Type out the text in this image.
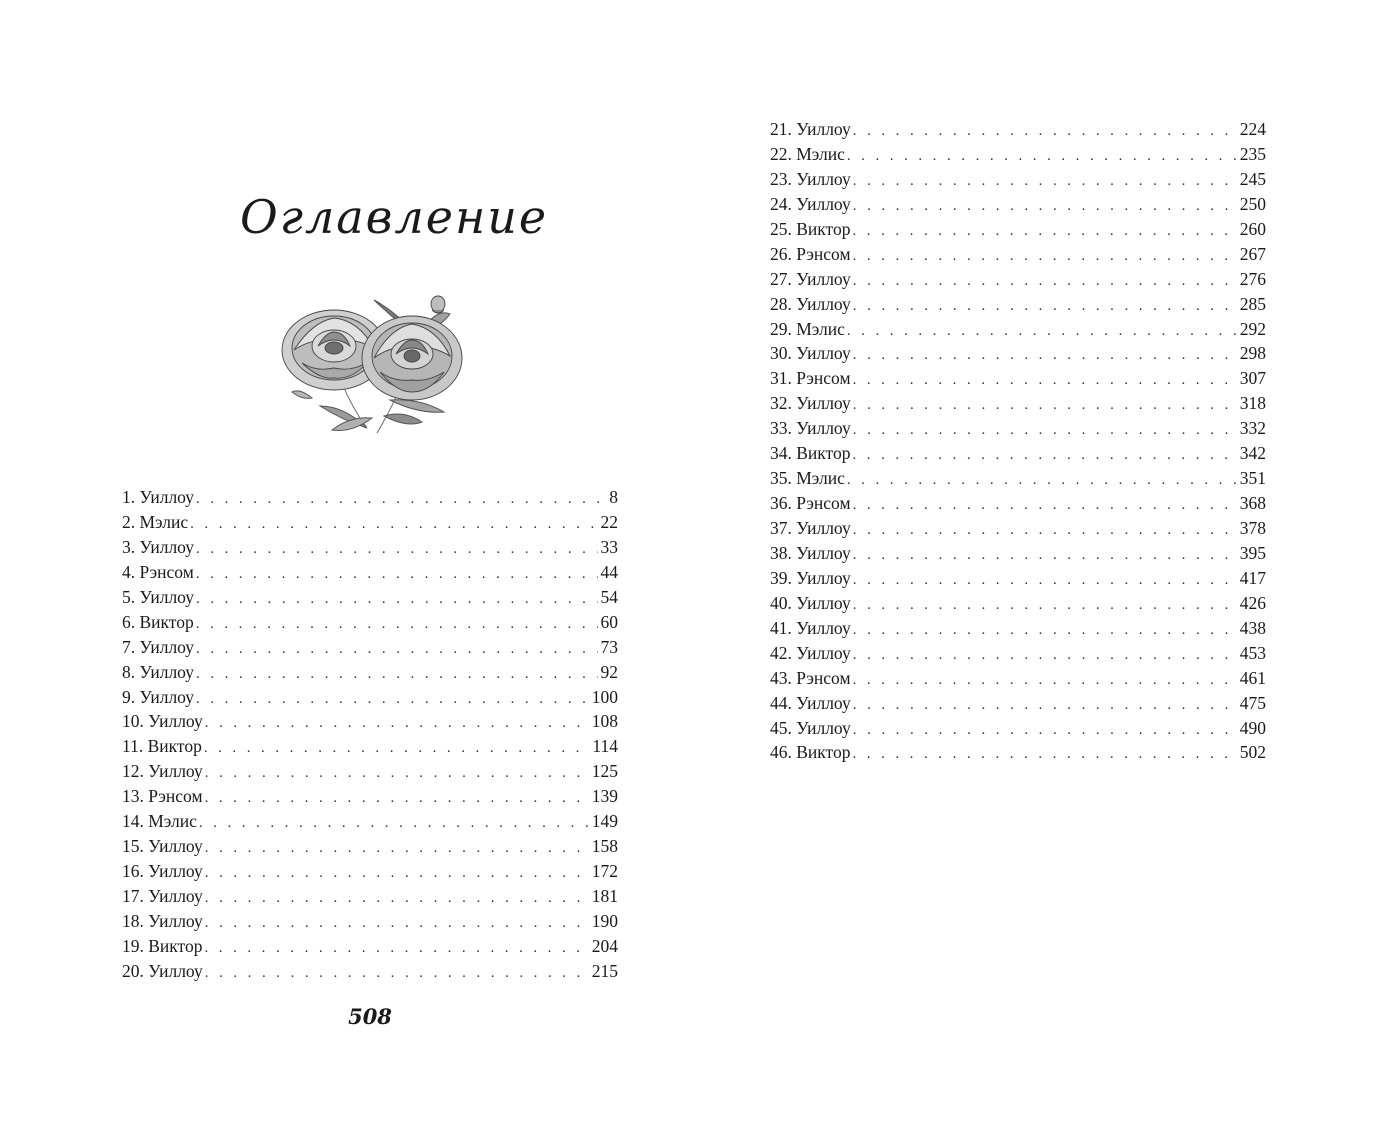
Оглавление
1. Уиллоу . . .	8
2. Мэлис . . .	22
3. Уиллоу . . .	33
4. Рэнсом . . .	44
5. Уиллоу . . .	54
6. Виктор . . .	60
7. Уиллоу . . .	73
8. Уиллоу . . .	92
9. Уиллоу . . .	100
10. Уиллоу . . .	108
11. Виктор . . .	114
12. Уиллоу . . .	125
13. Рэнсом . . .	139
14. Мэлис . . .	149
15. Уиллоу . . .	158
16. Уиллоу . . .	172
17. Уиллоу . . .	181
18. Уиллоу . . .	190
19. Виктор . . .	204
20. Уиллоу . . .	215
21. Уиллоу . . .	224
22. Мэлис . . .	235
23. Уиллоу . . .	245
24. Уиллоу . . .	250
25. Виктор . . .	260
26. Рэнсом . . .	267
27. Уиллоу . . .	276
28. Уиллоу . . .	285
29. Мэлис . . .	292
30. Уиллоу . . .	298
31. Рэнсом . . .	307
32. Уиллоу . . .	318
33. Уиллоу . . .	332
34. Виктор . . .	342
35. Мэлис . . .	351
36. Рэнсом . . .	368
37. Уиллоу . . .	378
38. Уиллоу . . .	395
39. Уиллоу . . .	417
40. Уиллоу . . .	426
41. Уиллоу . . .	438
42. Уиллоу . . .	453
43. Рэнсом . . .	461
44. Уиллоу . . .	475
45. Уиллоу . . .	490
46. Виктор . . .	502
508
